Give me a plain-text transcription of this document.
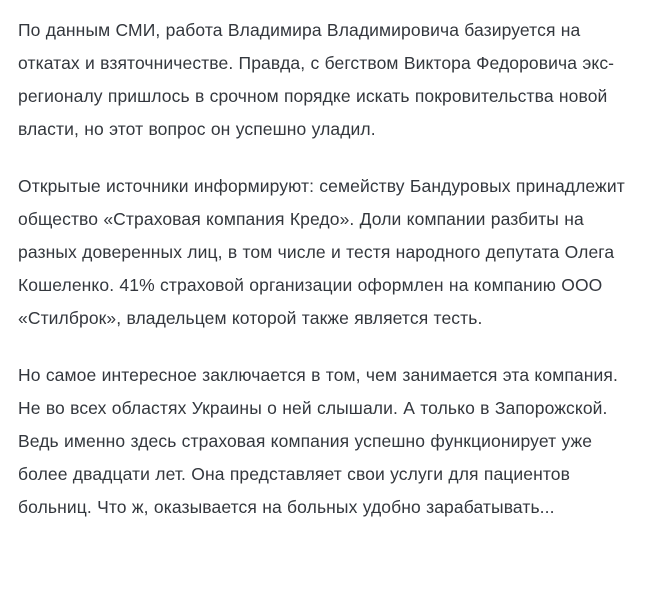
По данным СМИ, работа Владимира Владимировича базируется на откатах и взяточничестве. Правда, с бегством Виктора Федоровича экс-регионалу пришлось в срочном порядке искать покровительства новой власти, но этот вопрос он успешно уладил.

Открытые источники информируют: семейству Бандуровых принадлежит общество «Страховая компания Кредо». Доли компании разбиты на разных доверенных лиц, в том числе и тестя народного депутата Олега Кошеленко. 41% страховой организации оформлен на компанию ООО «Стилброк», владельцем которой также является тесть.

Но самое интересное заключается в том, чем занимается эта компания. Не во всех областях Украины о ней слышали. А только в Запорожской. Ведь именно здесь страховая компания успешно функционирует уже более двадцати лет. Она представляет свои услуги для пациентов больниц. Что ж, оказывается на больных удобно зарабатывать...
